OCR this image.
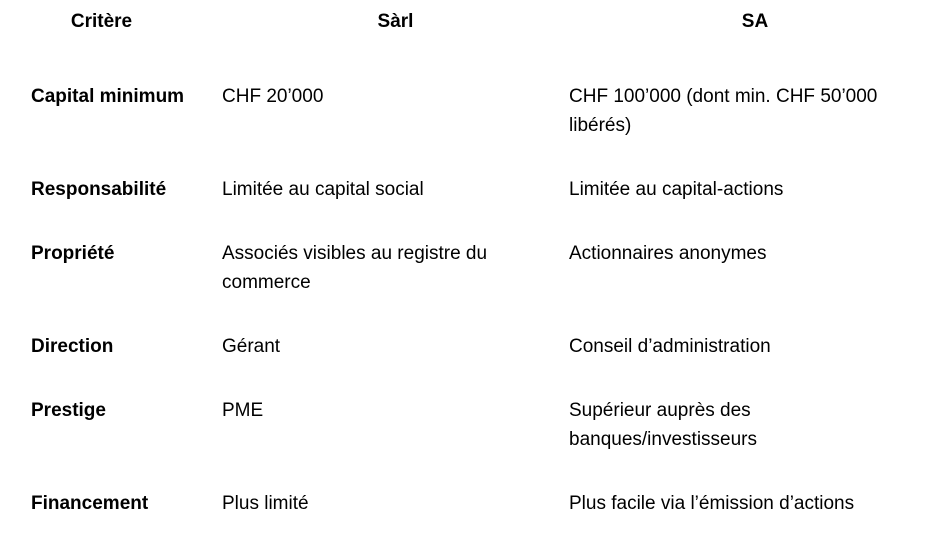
Critère	Sàrl	SA
Capital minimum	CHF 20’000	CHF 100’000 (dont min. CHF 50’000 libérés)
Responsabilité	Limitée au capital social	Limitée au capital-actions
Propriété	Associés visibles au registre du commerce	Actionnaires anonymes
Direction	Gérant	Conseil d’administration
Prestige	PME	Supérieur auprès des banques/investisseurs
Financement	Plus limité	Plus facile via l’émission d’actions
